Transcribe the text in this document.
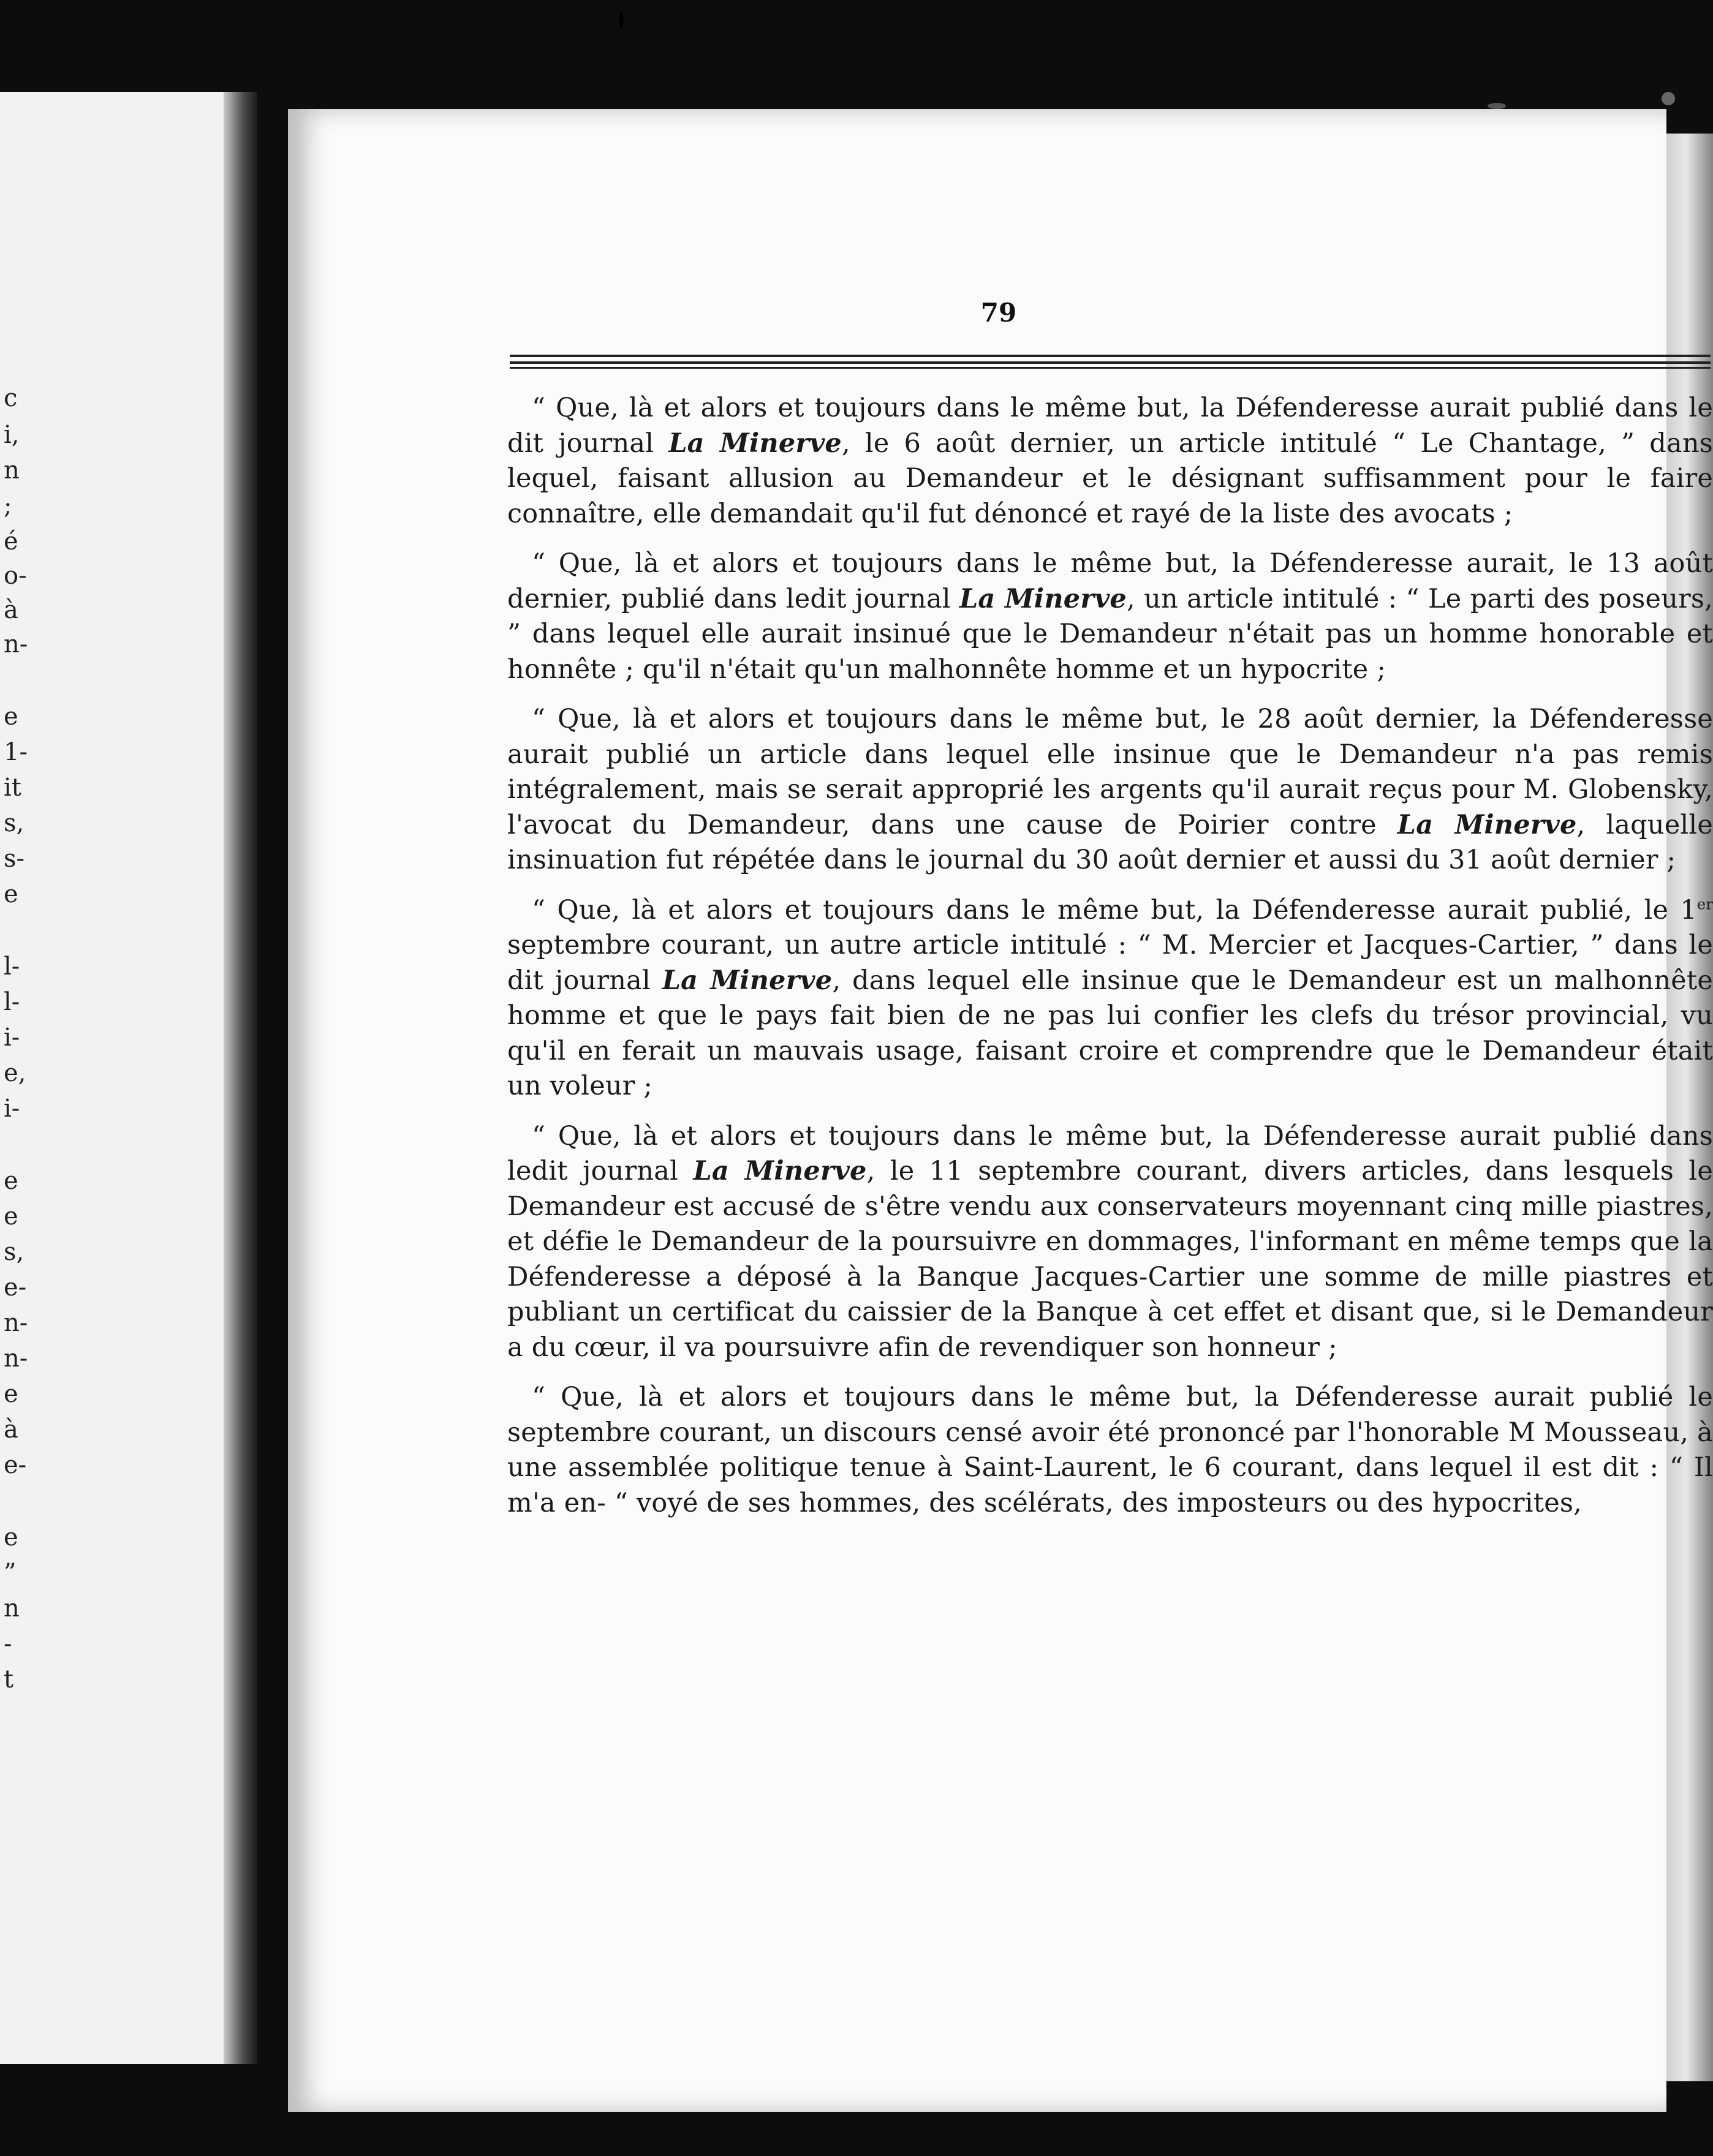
c
i,
n
;
é
o-
à
n-
e
1-
it
s,
s-
e
l-
l-
i-
e,
i-
e
e
s,
e-
n-
n-
e
à
e-
e
”
n
-
t
79

“ Que, là et alors et toujours dans le même but, la Défenderesse aurait publié dans le dit journal La Minerve, le 6 août dernier, un article intitulé “ Le Chantage, ” dans lequel, faisant allusion au Demandeur et le désignant suffisamment pour le faire connaître, elle demandait qu'il fut dénoncé et rayé de la liste des avocats ;

“ Que, là et alors et toujours dans le même but, la Défenderesse aurait, le 13 août dernier, publié dans ledit journal La Minerve, un article intitulé : “ Le parti des poseurs, ” dans lequel elle aurait insinué que le Demandeur n'était pas un homme honorable et honnête ; qu'il n'était qu'un malhonnête homme et un hypocrite ;

“ Que, là et alors et toujours dans le même but, le 28 août dernier, la Défenderesse aurait publié un article dans lequel elle insinue que le Demandeur n'a pas remis intégralement, mais se serait approprié les argents qu'il aurait reçus pour M. Globensky, l'avocat du Demandeur, dans une cause de Poirier contre La Minerve, laquelle insinuation fut répétée dans le journal du 30 août dernier et aussi du 31 août dernier ;

“ Que, là et alors et toujours dans le même but, la Défenderesse aurait publié, le 1er septembre courant, un autre article intitulé : “ M. Mercier et Jacques-Cartier, ” dans le dit journal La Minerve, dans lequel elle insinue que le Demandeur est un malhonnête homme et que le pays fait bien de ne pas lui confier les clefs du trésor provincial, vu qu'il en ferait un mauvais usage, faisant croire et comprendre que le Demandeur était un voleur ;

“ Que, là et alors et toujours dans le même but, la Défenderesse aurait publié dans ledit journal La Minerve, le 11 septembre courant, divers articles, dans lesquels le Demandeur est accusé de s'être vendu aux conservateurs moyennant cinq mille piastres, et défie le Demandeur de la poursuivre en dommages, l'informant en même temps que la Défenderesse a déposé à la Banque Jacques-Cartier une somme de mille piastres et publiant un certificat du caissier de la Banque à cet effet et disant que, si le Demandeur a du cœur, il va poursuivre afin de revendiquer son honneur ;

“ Que, là et alors et toujours dans le même but, la Défenderesse aurait publié le septembre courant, un discours censé avoir été prononcé par l'honorable M Mousseau, à une assemblée politique tenue à Saint-Laurent, le 6 courant, dans lequel il est dit : “ Il m'a en- “ voyé de ses hommes, des scélérats, des imposteurs ou des hypocrites,
